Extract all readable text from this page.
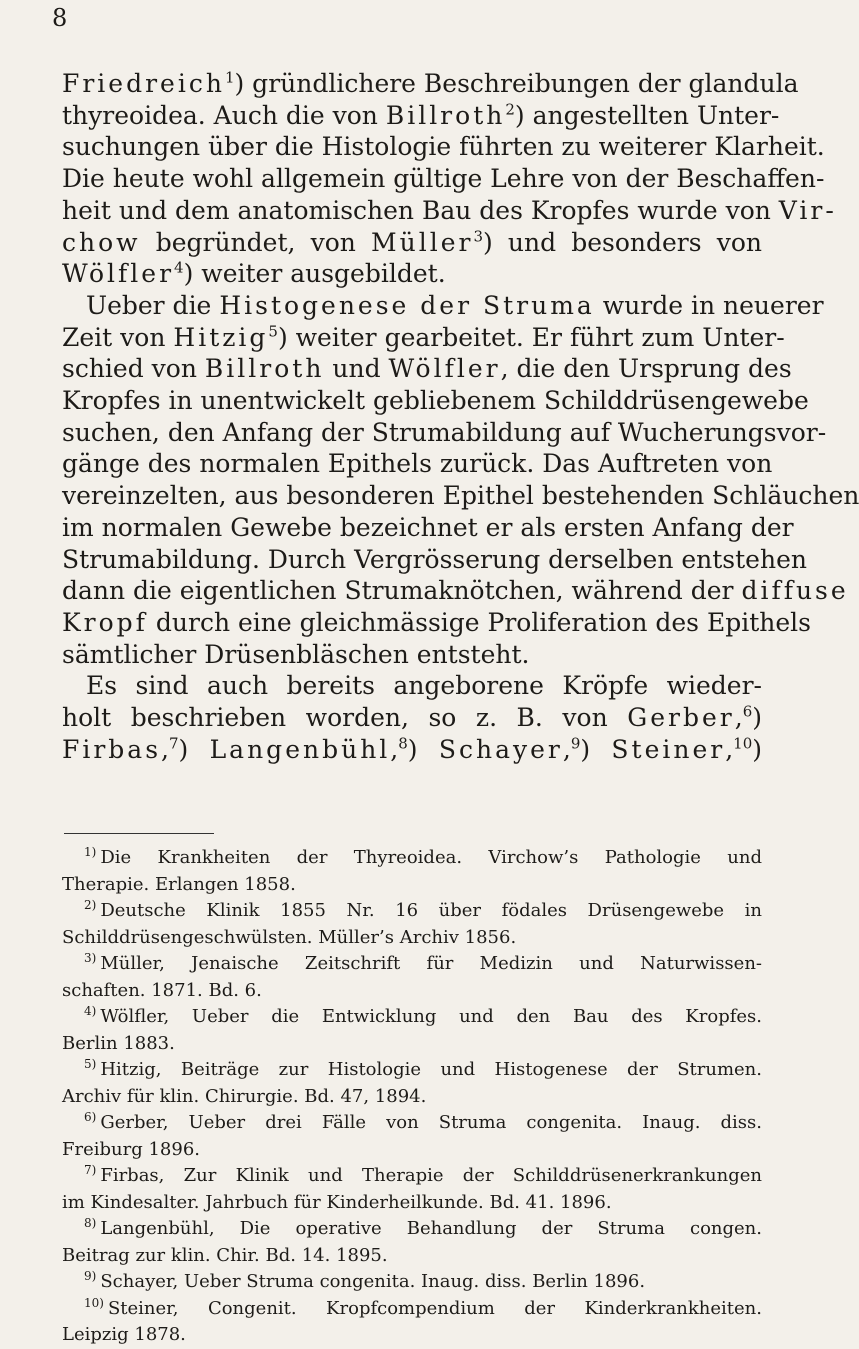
8
Friedreich$^1$) gründlichere Beschreibungen der glandula
thyreoidea. Auch die von Billroth$^2$) angestellten Unter-
suchungen über die Histologie führten zu weiterer Klarheit.
Die heute wohl allgemein gültige Lehre von der Beschaffen-
heit und dem anatomischen Bau des Kropfes wurde von Vir-
chow begründet, von Müller$^3$) und besonders von
Wölfler$^4$) weiter ausgebildet.
Ueber die Histogenese der Struma wurde in neuerer
Zeit von Hitzig$^5$) weiter gearbeitet. Er führt zum Unter-
schied von Billroth und Wölfler, die den Ursprung des
Kropfes in unentwickelt gebliebenem Schilddrüsengewebe
suchen, den Anfang der Strumabildung auf Wucherungsvor-
gänge des normalen Epithels zurück. Das Auftreten von
vereinzelten, aus besonderen Epithel bestehenden Schläuchen
im normalen Gewebe bezeichnet er als ersten Anfang der
Strumabildung. Durch Vergrösserung derselben entstehen
dann die eigentlichen Strumaknötchen, während der diffuse
Kropf durch eine gleichmässige Proliferation des Epithels
sämtlicher Drüsenbläschen entsteht.
Es sind auch bereits angeborene Kröpfe wieder-
holt beschrieben worden, so z. B. von Gerber,$^6$)
Firbas,$^7$) Langenbühl,$^8$) Schayer,$^9$) Steiner,$^{10}$)
$^{1)}$ Die Krankheiten der Thyreoidea. Virchow’s Pathologie und
Therapie. Erlangen 1858.
$^{2)}$ Deutsche Klinik 1855 Nr. 16 über födales Drüsengewebe in
Schilddrüsengeschwülsten. Müller’s Archiv 1856.
$^{3)}$ Müller, Jenaische Zeitschrift für Medizin und Naturwissen-
schaften. 1871. Bd. 6.
$^{4)}$ Wölfler, Ueber die Entwicklung und den Bau des Kropfes.
Berlin 1883.
$^{5)}$ Hitzig, Beiträge zur Histologie und Histogenese der Strumen.
Archiv für klin. Chirurgie. Bd. 47, 1894.
$^{6)}$ Gerber, Ueber drei Fälle von Struma congenita. Inaug. diss.
Freiburg 1896.
$^{7)}$ Firbas, Zur Klinik und Therapie der Schilddrüsenerkrankungen
im Kindesalter. Jahrbuch für Kinderheilkunde. Bd. 41. 1896.
$^{8)}$ Langenbühl, Die operative Behandlung der Struma congen.
Beitrag zur klin. Chir. Bd. 14. 1895.
$^{9)}$ Schayer, Ueber Struma congenita. Inaug. diss. Berlin 1896.
$^{10)}$ Steiner, Congenit. Kropfcompendium der Kinderkrankheiten.
Leipzig 1878.
